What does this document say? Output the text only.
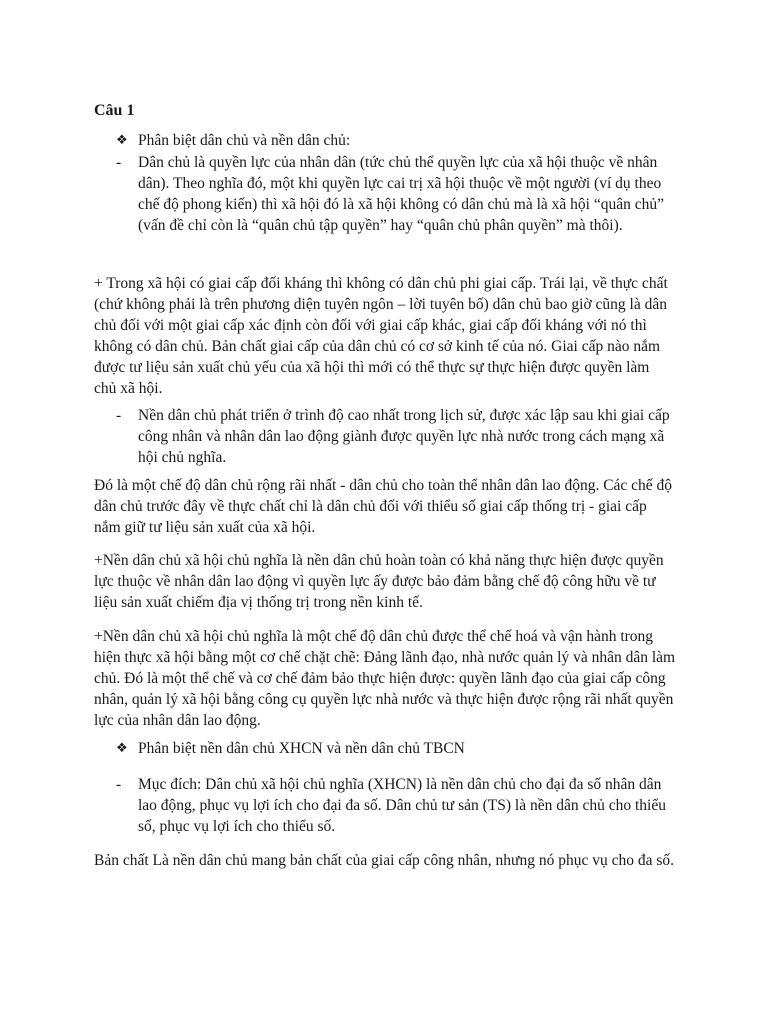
Câu 1
❖ Phân biệt dân chủ và nền dân chủ:
-	Dân chủ là quyền lực của nhân dân (tức chủ thể quyền lực của xã hội thuộc về nhân dân). Theo nghĩa đó, một khi quyền lực cai trị xã hội thuộc về một người (ví dụ theo chế độ phong kiến) thì xã hội đó là xã hội không có dân chủ mà là xã hội “quân chủ” (vấn đề chỉ còn là “quân chủ tập quyền” hay “quân chủ phân quyền” mà thôi).

+ Trong xã hội có giai cấp đối kháng thì không có dân chủ phi giai cấp. Trái lại, về thực chất (chứ không phải là trên phương diện tuyên ngôn – lời tuyên bố) dân chủ bao giờ cũng là dân chủ đối với một giai cấp xác định còn đối với giai cấp khác, giai cấp đối kháng với nó thì không có dân chủ. Bản chất giai cấp của dân chủ có cơ sở kinh tế của nó. Giai cấp nào nắm được tư liệu sản xuất chủ yếu của xã hội thì mới có thể thực sự thực hiện được quyền làm chủ xã hội.

-	Nền dân chủ phát triển ở trình độ cao nhất trong lịch sử, được xác lập sau khi giai cấp công nhân và nhân dân lao động giành được quyền lực nhà nước trong cách mạng xã hội chủ nghĩa.

Đó là một chế độ dân chủ rộng rãi nhất - dân chủ cho toàn thể nhân dân lao động. Các chế độ dân chủ trước đây về thực chất chỉ là dân chủ đối với thiểu số giai cấp thống trị - giai cấp nắm giữ tư liệu sản xuất của xã hội.

+Nền dân chủ xã hội chủ nghĩa là nền dân chủ hoàn toàn có khả năng thực hiện được quyền lực thuộc về nhân dân lao động vì quyền lực ấy được bảo đảm bằng chế độ công hữu về tư liệu sản xuất chiếm địa vị thống trị trong nền kinh tế.

+Nền dân chủ xã hội chủ nghĩa là một chế độ dân chủ được thể chế hoá và vận hành trong hiện thực xã hội bằng một cơ chế chặt chẽ: Đảng lãnh đạo, nhà nước quản lý và nhân dân làm chủ. Đó là một thể chế và cơ chế đảm bảo thực hiện được: quyền lãnh đạo của giai cấp công nhân, quản lý xã hội bằng công cụ quyền lực nhà nước và thực hiện được rộng rãi nhất quyền lực của nhân dân lao động.

❖ Phân biệt nền dân chủ XHCN và nền dân chủ TBCN
-	Mục đích: Dân chủ xã hội chủ nghĩa (XHCN) là nền dân chủ cho đại đa số nhân dân lao động, phục vụ lợi ích cho đại đa số. Dân chủ tư sản (TS) là nền dân chủ cho thiểu số, phục vụ lợi ích cho thiểu số.

Bản chất Là nền dân chủ mang bản chất của giai cấp công nhân, nhưng nó phục vụ cho đa số.
